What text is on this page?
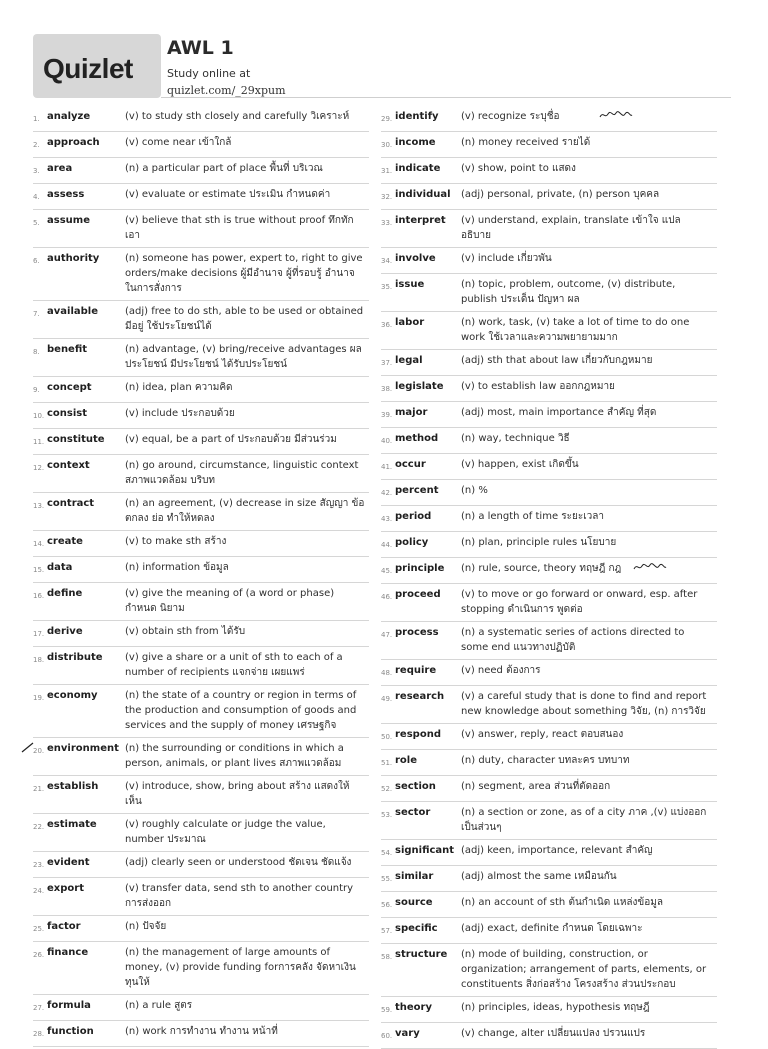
Quizlet
AWL 1
Study online at quizlet.com/_29xpum
1. analyze	(v) to study sth closely and carefully วิเคราะห์
2. approach	(v) come near เข้าใกล้
3. area	(n) a particular part of place พื้นที่ บริเวณ
4. assess	(v) evaluate or estimate ประเมิน กำหนดค่า
5. assume	(v) believe that sth is true without proof ทึกทักเอา
6. authority	(n) someone has power, expert to, right to give orders/make decisions ผู้มีอำนาจ ผู้ที่รอบรู้ อำนาจในการสั่งการ
7. available	(adj) free to do sth, able to be used or obtained มีอยู่ ใช้ประโยชน์ได้
8. benefit	(n) advantage, (v) bring/receive advantages ผลประโยชน์ มีประโยชน์ ได้รับประโยชน์
9. concept	(n) idea, plan ความคิด
10. consist	(v) include ประกอบด้วย
11. constitute	(v) equal, be a part of ประกอบด้วย มีส่วนร่วม
12. context	(n) go around, circumstance, linguistic context สภาพแวดล้อม บริบท
13. contract	(n) an agreement, (v) decrease in size สัญญา ข้อตกลง ย่อ ทำให้หดลง
14. create	(v) to make sth สร้าง
15. data	(n) information ข้อมูล
16. define	(v) give the meaning of (a word or phase) กำหนด นิยาม
17. derive	(v) obtain sth from ได้รับ
18. distribute	(v) give a share or a unit of sth to each of a number of recipients แจกจ่าย เผยแพร่
19. economy	(n) the state of a country or region in terms of the production and consumption of goods and services and the supply of money เศรษฐกิจ
20. environment (n) the surrounding or conditions in which a person, animals, or plant lives สภาพแวดล้อม
21. establish	(v) introduce, show, bring about สร้าง แสดงให้เห็น
22. estimate	(v) roughly calculate or judge the value, number ประมาณ
23. evident	(adj) clearly seen or understood ชัดเจน ชัดแจ้ง
24. export	(v) transfer data, send sth to another country การส่งออก
25. factor	(n) ปัจจัย
26. finance	(n) the management of large amounts of money, (v) provide funding forการคลัง จัดหาเงินทุนให้
27. formula	(n) a rule สูตร
28. function	(n) work การทำงาน ทำงาน หน้าที่
29. identify	(v) recognize ระบุชื่อ
30. income	(n) money received รายได้
31. indicate	(v) show, point to แสดง
32. individual	(adj) personal, private, (n) person บุคคล
33. interpret	(v) understand, explain, translate เข้าใจ แปล อธิบาย
34. involve	(v) include เกี่ยวพัน
35. issue	(n) topic, problem, outcome, (v) distribute, publish ประเด็น ปัญหา ผล
36. labor	(n) work, task, (v) take a lot of time to do one work ใช้เวลาและความพยายามมาก
37. legal	(adj) sth that about law เกี่ยวกับกฎหมาย
38. legislate	(v) to establish law ออกกฎหมาย
39. major	(adj) most, main importance สำคัญ ที่สุด
40. method	(n) way, technique วิธี
41. occur	(v) happen, exist เกิดขึ้น
42. percent	(n) %
43. period	(n) a length of time ระยะเวลา
44. policy	(n) plan, principle rules นโยบาย
45. principle	(n) rule, source, theory ทฤษฎี กฎ
46. proceed	(v) to move or go forward or onward, esp. after stopping ดำเนินการ พูดต่อ
47. process	(n) a systematic series of actions directed to some end แนวทางปฏิบัติ
48. require	(v) need ต้องการ
49. research	(v) a careful study that is done to find and report new knowledge about something วิจัย, (n) การวิจัย
50. respond	(v) answer, reply, react ตอบสนอง
51. role	(n) duty, character บทละคร บทบาท
52. section	(n) segment, area ส่วนที่ตัดออก
53. sector	(n) a section or zone, as of a city ภาค ,(v) แบ่งออกเป็นส่วนๆ
54. significant (adj) keen, importance, relevant สำคัญ
55. similar	(adj) almost the same เหมือนกัน
56. source	(n) an account of sth ต้นกำเนิด แหล่งข้อมูล
57. specific	(adj) exact, definite กำหนด โดยเฉพาะ
58. structure	(n) mode of building, construction, or organization; arrangement of parts, elements, or constituents สิ่งก่อสร้าง โครงสร้าง ส่วนประกอบ
59. theory	(n) principles, ideas, hypothesis ทฤษฎี
60. vary	(v) change, alter เปลี่ยนแปลง ปรวนแปร
